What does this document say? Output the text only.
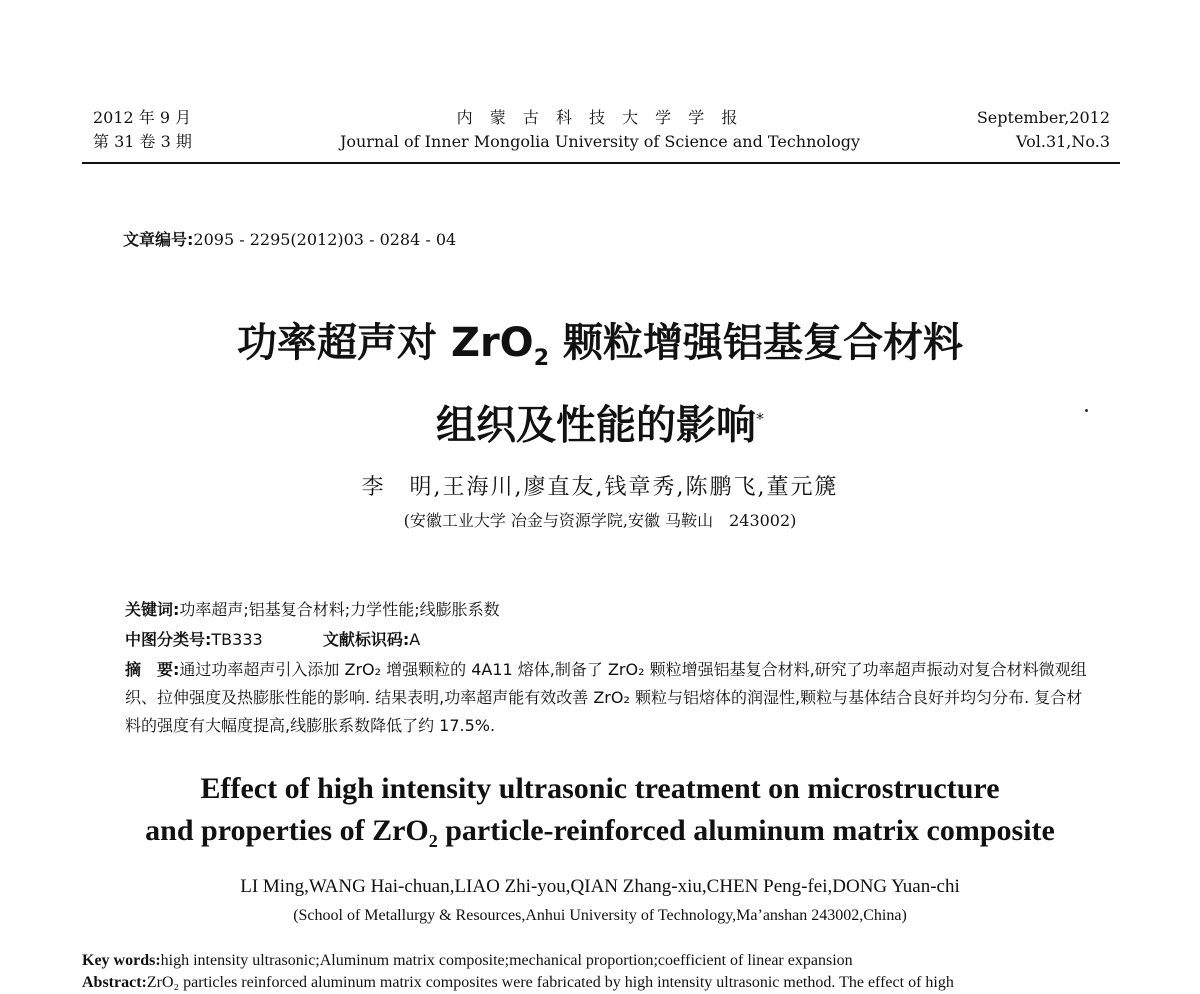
2012 年 9 月
第 31 卷 3 期
内 蒙 古 科 技 大 学 学 报
Journal of Inner Mongolia University of Science and Technology
September,2012
Vol.31,No.3
文章编号:2095 - 2295(2012)03 - 0284 - 04
功率超声对 ZrO$_2$ 颗粒增强铝基复合材料
组织及性能的影响*
李　明,王海川,廖直友,钱章秀,陈鹏飞,董元篪
(安徽工业大学 冶金与资源学院,安徽 马鞍山　243002)
关键词:功率超声;铝基复合材料;力学性能;线膨胀系数
中图分类号:TB333	文献标识码:A
摘　要:通过功率超声引入添加 ZrO₂ 增强颗粒的 4A11 熔体,制备了 ZrO₂ 颗粒增强铝基复合材料,研究了功率超声振动对复合材料微观组织、拉伸强度及热膨胀性能的影响. 结果表明,功率超声能有效改善 ZrO₂ 颗粒与铝熔体的润湿性,颗粒与基体结合良好并均匀分布. 复合材料的强度有大幅度提高,线膨胀系数降低了约 17.5%.
Effect of high intensity ultrasonic treatment on microstructure
and properties of ZrO$_2$ particle-reinforced aluminum matrix composite
LI Ming,WANG Hai-chuan,LIAO Zhi-you,QIAN Zhang-xiu,CHEN Peng-fei,DONG Yuan-chi
(School of Metallurgy & Resources,Anhui University of Technology,Ma’anshan 243002,China)
Key words:high intensity ultrasonic;Aluminum matrix composite;mechanical proportion;coefficient of linear expansion
Abstract:ZrO₂ particles reinforced aluminum matrix composites were fabricated by high intensity ultrasonic method. The effect of high
